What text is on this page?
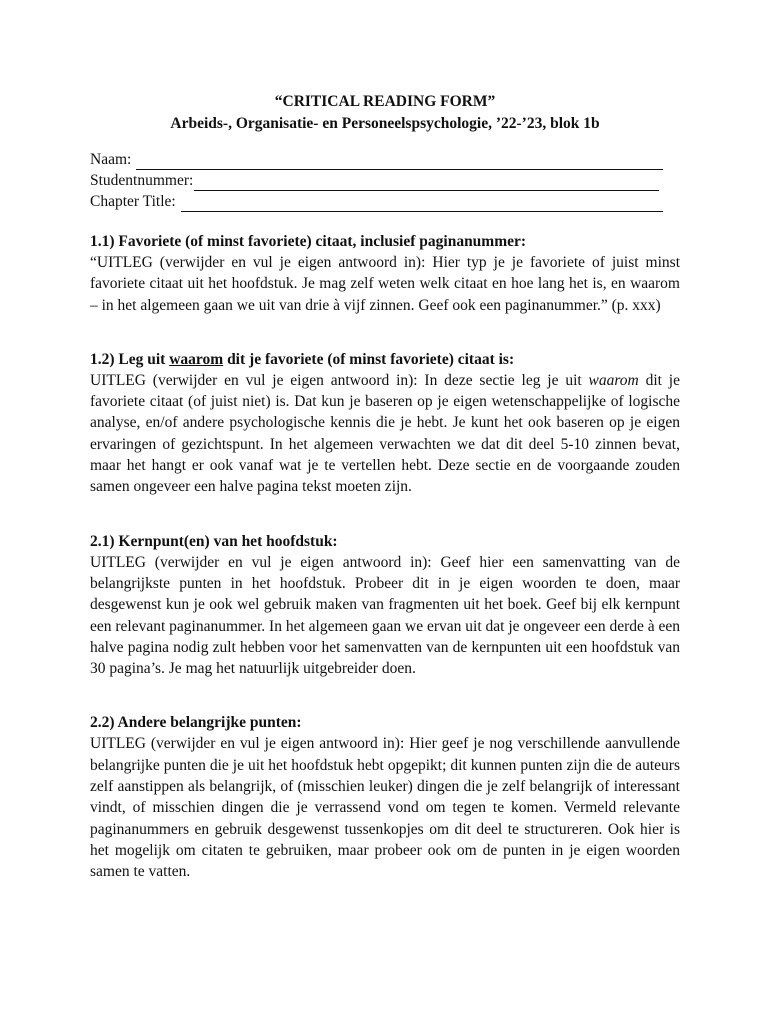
“CRITICAL READING FORM”

Arbeids-, Organisatie- en Personeelspsychologie, ’22-’23, blok 1b

Naam:
Studentnummer:
Chapter Title:

1.1) Favoriete (of minst favoriete) citaat, inclusief paginanummer:

“UITLEG (verwijder en vul je eigen antwoord in): Hier typ je je favoriete of juist minst favoriete citaat uit het hoofdstuk. Je mag zelf weten welk citaat en hoe lang het is, en waarom – in het algemeen gaan we uit van drie à vijf zinnen. Geef ook een paginanummer.” (p. xxx)

1.2) Leg uit waarom dit je favoriete (of minst favoriete) citaat is:

UITLEG (verwijder en vul je eigen antwoord in): In deze sectie leg je uit waarom dit je favoriete citaat (of juist niet) is. Dat kun je baseren op je eigen wetenschappelijke of logische analyse, en/of andere psychologische kennis die je hebt. Je kunt het ook baseren op je eigen ervaringen of gezichtspunt. In het algemeen verwachten we dat dit deel 5-10 zinnen bevat, maar het hangt er ook vanaf wat je te vertellen hebt. Deze sectie en de voorgaande zouden samen ongeveer een halve pagina tekst moeten zijn.

2.1) Kernpunt(en) van het hoofdstuk:

UITLEG (verwijder en vul je eigen antwoord in): Geef hier een samenvatting van de belangrijkste punten in het hoofdstuk. Probeer dit in je eigen woorden te doen, maar desgewenst kun je ook wel gebruik maken van fragmenten uit het boek. Geef bij elk kernpunt een relevant paginanummer. In het algemeen gaan we ervan uit dat je ongeveer een derde à een halve pagina nodig zult hebben voor het samenvatten van de kernpunten uit een hoofdstuk van 30 pagina’s. Je mag het natuurlijk uitgebreider doen.

2.2) Andere belangrijke punten:

UITLEG (verwijder en vul je eigen antwoord in): Hier geef je nog verschillende aanvullende belangrijke punten die je uit het hoofdstuk hebt opgepikt; dit kunnen punten zijn die de auteurs zelf aanstippen als belangrijk, of (misschien leuker) dingen die je zelf belangrijk of interessant vindt, of misschien dingen die je verrassend vond om tegen te komen. Vermeld relevante paginanummers en gebruik desgewenst tussenkopjes om dit deel te structureren. Ook hier is het mogelijk om citaten te gebruiken, maar probeer ook om de punten in je eigen woorden samen te vatten.
